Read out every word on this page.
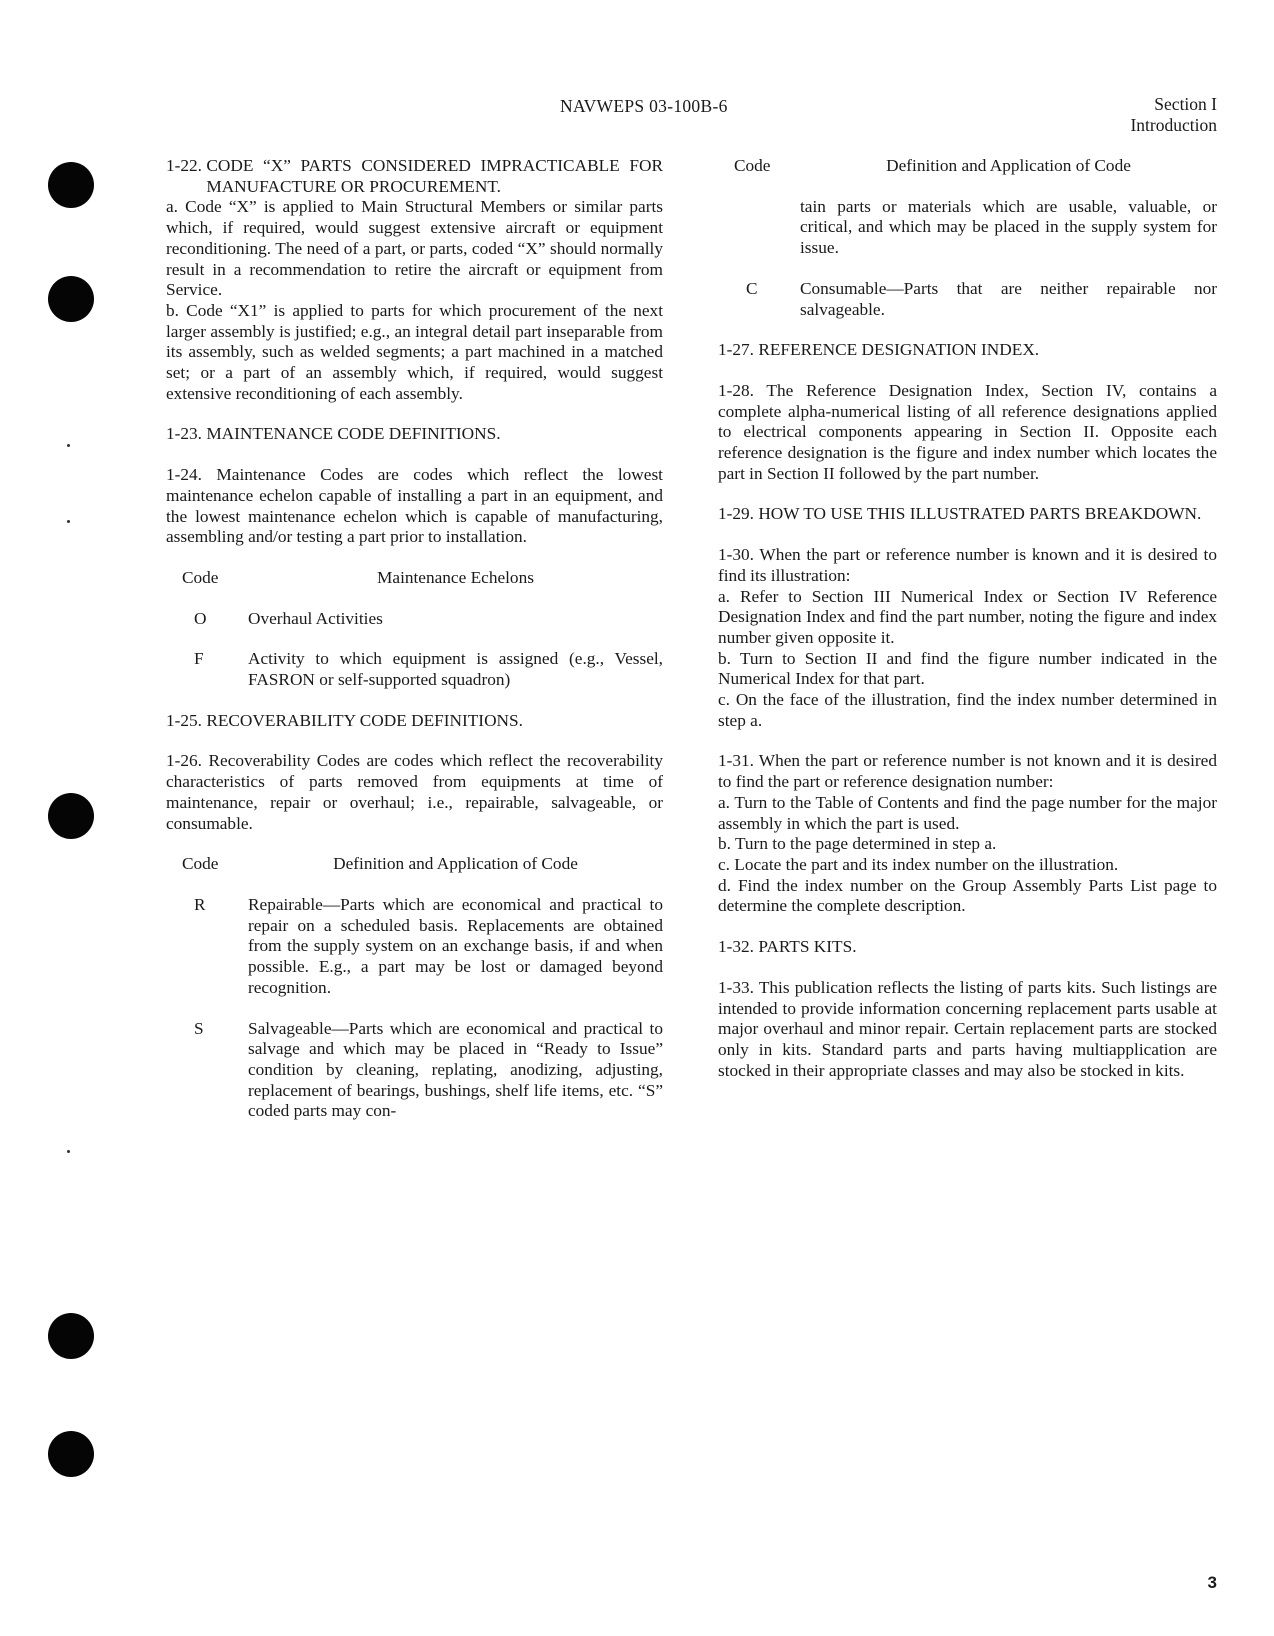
NAVWEPS 03-100B-6	Section I
Introduction
1-22.
CODE “X” PARTS CONSIDERED IMPRACTICABLE FOR MANUFACTURE OR PROCUREMENT.

a. Code “X” is applied to Main Structural Members or similar parts which, if required, would suggest extensive aircraft or equipment reconditioning. The need of a part, or parts, coded “X” should normally result in a recommendation to retire the aircraft or equipment from Service.

b. Code “X1” is applied to parts for which procurement of the next larger assembly is justified; e.g., an integral detail part inseparable from its assembly, such as welded segments; a part machined in a matched set; or a part of an assembly which, if required, would suggest extensive reconditioning of each assembly.

1-23. MAINTENANCE CODE DEFINITIONS.

1-24. Maintenance Codes are codes which reflect the lowest maintenance echelon capable of installing a part in an equipment, and the lowest maintenance echelon which is capable of manufacturing, assembling and/or testing a part prior to installation.

Code	Maintenance Echelons
O	Overhaul Activities
F	Activity to which equipment is assigned (e.g., Vessel, FASRON or self-supported squadron)

1-25. RECOVERABILITY CODE DEFINITIONS.

1-26. Recoverability Codes are codes which reflect the recoverability characteristics of parts removed from equipments at time of maintenance, repair or overhaul; i.e., repairable, salvageable, or consumable.

Code	Definition and Application of Code
R	Repairable—Parts which are economical and practical to repair on a scheduled basis. Replacements are obtained from the supply system on an exchange basis, if and when possible. E.g., a part may be lost or damaged beyond recognition.
S	Salvageable—Parts which are economical and practical to salvage and which may be placed in “Ready to Issue” condition by cleaning, replating, anodizing, adjusting, replacement of bearings, bushings, shelf life items, etc. “S” coded parts may con-
Code	Definition and Application of Code

tain parts or materials which are usable, valuable, or critical, and which may be placed in the supply system for issue.

C	Consumable—Parts that are neither repairable nor salvageable.

1-27. REFERENCE DESIGNATION INDEX.

1-28. The Reference Designation Index, Section IV, contains a complete alpha-numerical listing of all reference designations applied to electrical components appearing in Section II. Opposite each reference designation is the figure and index number which locates the part in Section II followed by the part number.

1-29.
HOW TO USE THIS ILLUSTRATED PARTS BREAKDOWN.

1-30. When the part or reference number is known and it is desired to find its illustration:

a. Refer to Section III Numerical Index or Section IV Reference Designation Index and find the part number, noting the figure and index number given opposite it.

b. Turn to Section II and find the figure number indicated in the Numerical Index for that part.

c. On the face of the illustration, find the index number determined in step a.

1-31. When the part or reference number is not known and it is desired to find the part or reference designation number:

a. Turn to the Table of Contents and find the page number for the major assembly in which the part is used.

b. Turn to the page determined in step a.

c. Locate the part and its index number on the illustration.

d. Find the index number on the Group Assembly Parts List page to determine the complete description.

1-32. PARTS KITS.

1-33. This publication reflects the listing of parts kits. Such listings are intended to provide information concerning replacement parts usable at major overhaul and minor repair. Certain replacement parts are stocked only in kits. Standard parts and parts having multiapplication are stocked in their appropriate classes and may also be stocked in kits.

3
